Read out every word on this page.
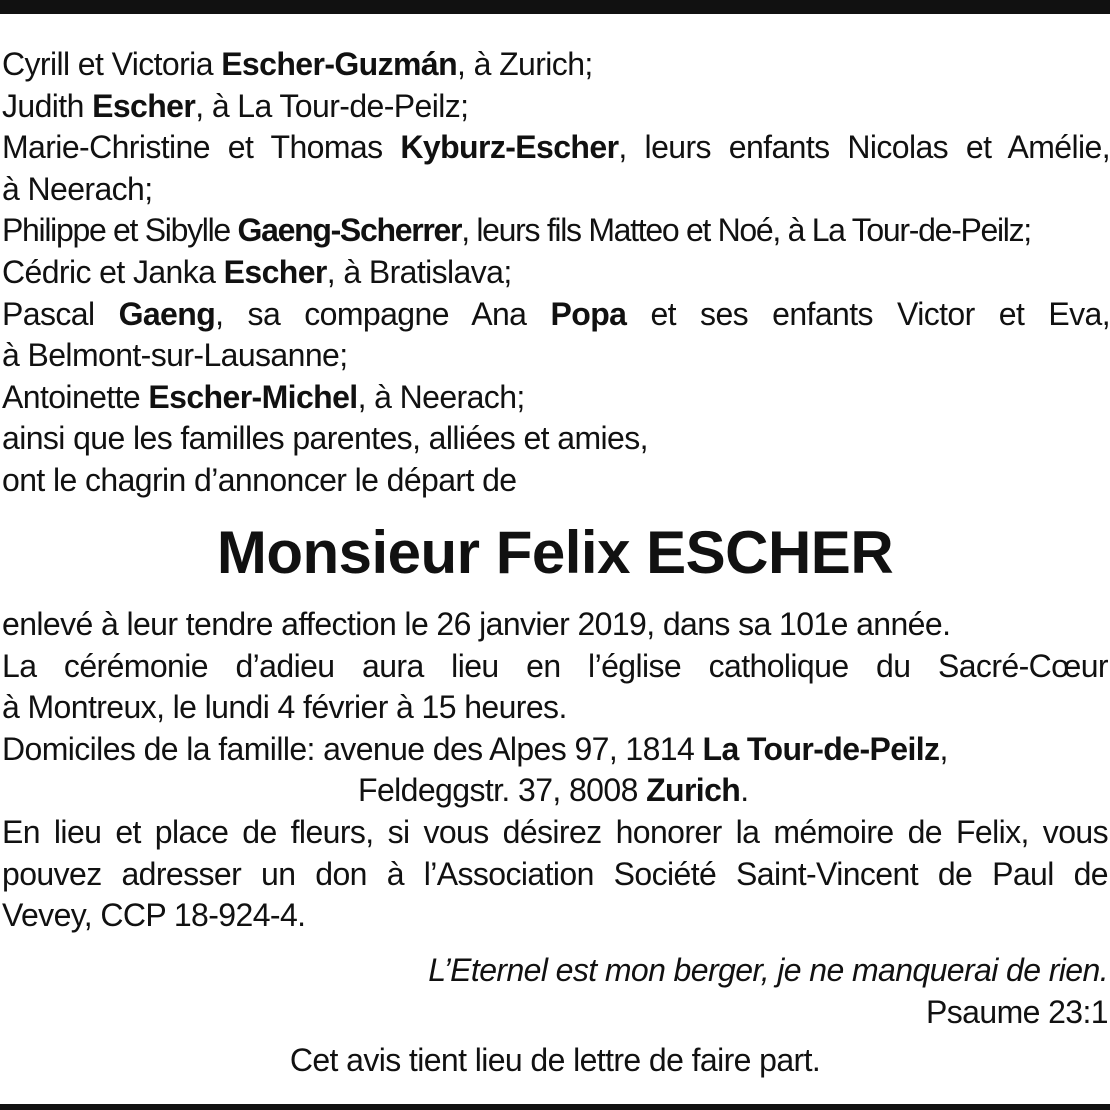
Cyrill et Victoria Escher-Guzmán, à Zurich;
Judith Escher, à La Tour-de-Peilz;
Marie-Christine et Thomas Kyburz-Escher, leurs enfants Nicolas et Amélie,
à Neerach;
Philippe et Sibylle Gaeng-Scherrer, leurs fils Matteo et Noé, à La Tour-de-Peilz;
Cédric et Janka Escher, à Bratislava;
Pascal Gaeng, sa compagne Ana Popa et ses enfants Victor et Eva,
à Belmont-sur-Lausanne;
Antoinette Escher-Michel, à Neerach;
ainsi que les familles parentes, alliées et amies,
ont le chagrin d’annoncer le départ de
Monsieur Felix ESCHER
enlevé à leur tendre affection le 26 janvier 2019, dans sa 101e année.
La cérémonie d’adieu aura lieu en l’église catholique du Sacré-Cœur
à Montreux, le lundi 4 février à 15 heures.
Domiciles de la famille: avenue des Alpes 97, 1814 La Tour-de-Peilz,
Feldeggstr. 37, 8008 Zurich.
En lieu et place de fleurs, si vous désirez honorer la mémoire de Felix, vous
pouvez adresser un don à l’Association Société Saint-Vincent de Paul de
Vevey, CCP 18-924-4.
L’Eternel est mon berger, je ne manquerai de rien.
Psaume 23:1
Cet avis tient lieu de lettre de faire part.
